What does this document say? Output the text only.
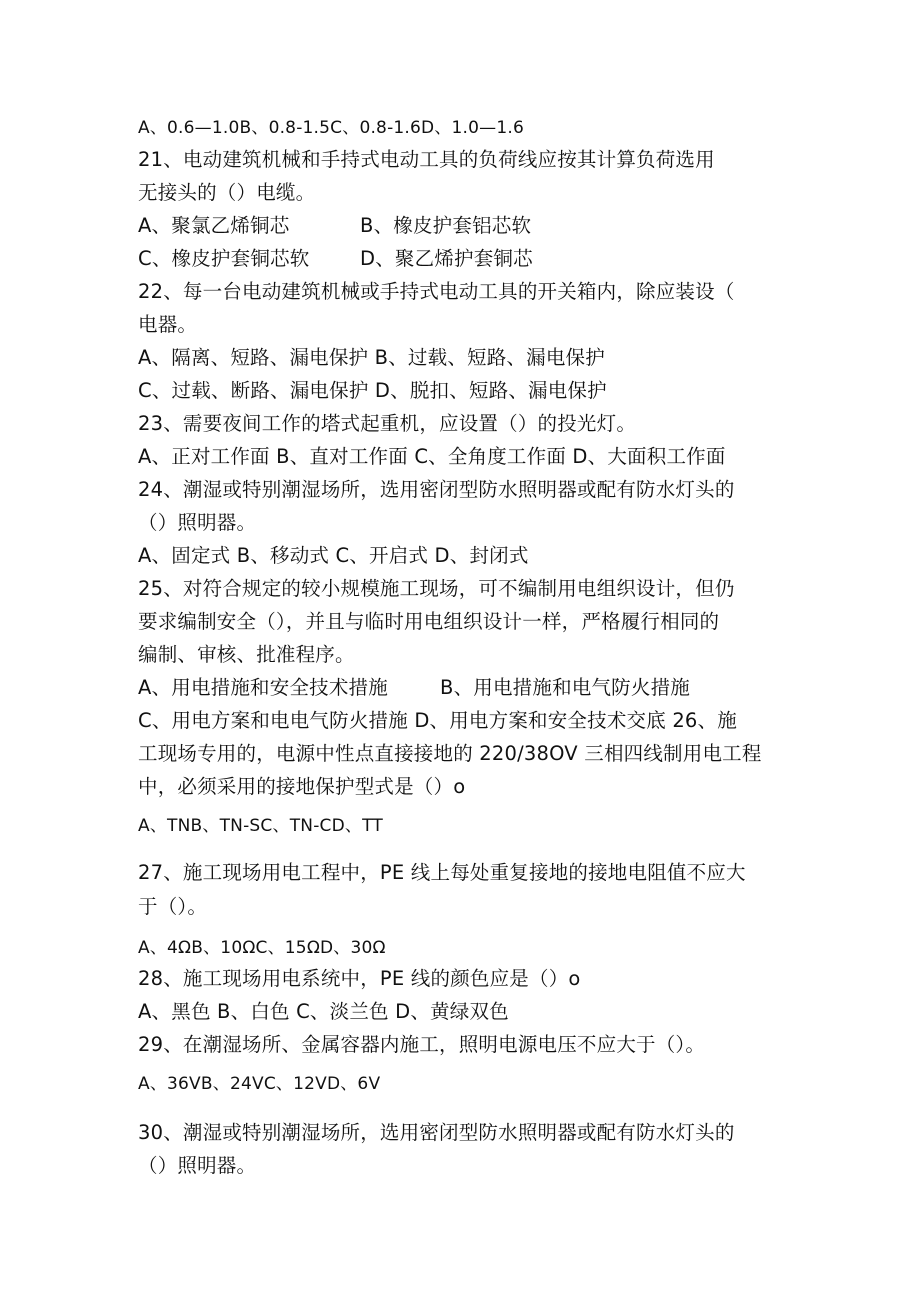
A、0.6—1.0B、0.8-1.5C、0.8-1.6D、1.0—1.6
21、电动建筑机械和手持式电动工具的负荷线应按其计算负荷选用
无接头的（）电缆。
A、聚氯乙烯铜芯	B、橡皮护套铝芯软
C、橡皮护套铜芯软	D、聚乙烯护套铜芯
22、每一台电动建筑机械或手持式电动工具的开关箱内，除应装设（
电器。
A、隔离、短路、漏电保护 B、过载、短路、漏电保护
C、过载、断路、漏电保护 D、脱扣、短路、漏电保护
23、需要夜间工作的塔式起重机，应设置（）的投光灯。
A、正对工作面 B、直对工作面 C、全角度工作面 D、大面积工作面
24、潮湿或特别潮湿场所，选用密闭型防水照明器或配有防水灯头的
（）照明器。
A、固定式 B、移动式 C、开启式 D、封闭式
25、对符合规定的较小规模施工现场，可不编制用电组织设计，但仍
要求编制安全（），并且与临时用电组织设计一样，严格履行相同的
编制、审核、批准程序。
A、用电措施和安全技术措施	B、用电措施和电气防火措施
C、用电方案和电电气防火措施 D、用电方案和安全技术交底 26、施
工现场专用的，电源中性点直接接地的 220/38OV 三相四线制用电工程
中，必须采用的接地保护型式是（）o
A、TNB、TN-SC、TN-CD、TT
27、施工现场用电工程中，PE 线上每处重复接地的接地电阻值不应大
于（）。
A、4ΩB、10ΩC、15ΩD、30Ω
28、施工现场用电系统中，PE 线的颜色应是（）o
A、黑色 B、白色 C、淡兰色 D、黄绿双色
29、在潮湿场所、金属容器内施工，照明电源电压不应大于（）。
A、36VB、24VC、12VD、6V
30、潮湿或特别潮湿场所，选用密闭型防水照明器或配有防水灯头的
（）照明器。
